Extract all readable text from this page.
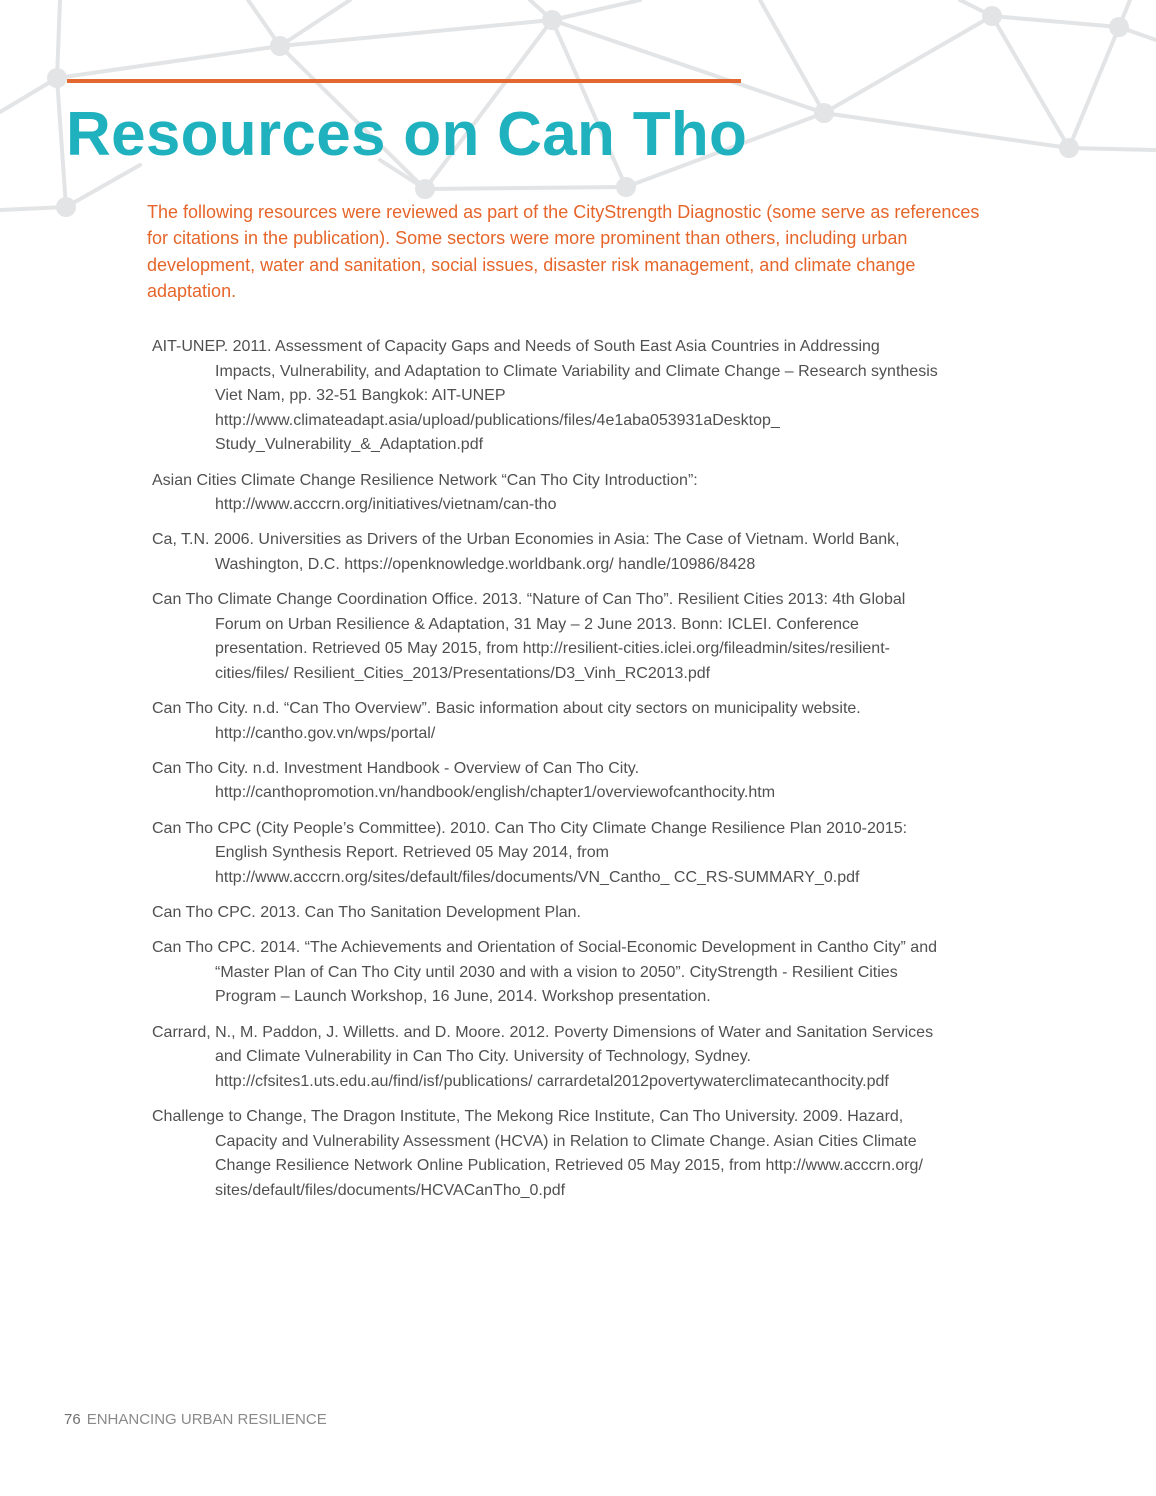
Resources on Can Tho

The following resources were reviewed as part of the CityStrength Diagnostic (some serve as references for citations in the publication). Some sectors were more prominent than others, including urban development, water and sanitation, social issues, disaster risk management, and climate change adaptation.

AIT-UNEP. 2011. Assessment of Capacity Gaps and Needs of South East Asia Countries in Addressing Impacts, Vulnerability, and Adaptation to Climate Variability and Climate Change – Research synthesis Viet Nam, pp. 32-51 Bangkok: AIT-UNEP http://www.climateadapt.asia/upload/publications/files/4e1aba053931aDesktop_ Study_Vulnerability_&_Adaptation.pdf
Asian Cities Climate Change Resilience Network “Can Tho City Introduction”: http://www.acccrn.org/initiatives/vietnam/can-tho
Ca, T.N. 2006. Universities as Drivers of the Urban Economies in Asia: The Case of Vietnam. World Bank, Washington, D.C. https://openknowledge.worldbank.org/ handle/10986/8428
Can Tho Climate Change Coordination Office. 2013. “Nature of Can Tho”. Resilient Cities 2013: 4th Global Forum on Urban Resilience & Adaptation, 31 May – 2 June 2013. Bonn: ICLEI. Conference presentation. Retrieved 05 May 2015, from http://resilient-cities.iclei.org/fileadmin/sites/resilient-cities/files/ Resilient_Cities_2013/Presentations/D3_Vinh_RC2013.pdf
Can Tho City. n.d. “Can Tho Overview”. Basic information about city sectors on municipality website. http://cantho.gov.vn/wps/portal/
Can Tho City. n.d. Investment Handbook - Overview of Can Tho City. http://canthopromotion.vn/handbook/english/chapter1/overviewofcanthocity.htm
Can Tho CPC (City People’s Committee). 2010. Can Tho City Climate Change Resilience Plan 2010-2015: English Synthesis Report. Retrieved 05 May 2014, from http://www.acccrn.org/sites/default/files/documents/VN_Cantho_ CC_RS-SUMMARY_0.pdf
Can Tho CPC. 2013. Can Tho Sanitation Development Plan.
Can Tho CPC. 2014. “The Achievements and Orientation of Social-Economic Development in Cantho City” and “Master Plan of Can Tho City until 2030 and with a vision to 2050”. CityStrength - Resilient Cities Program – Launch Workshop, 16 June, 2014. Workshop presentation.
Carrard, N., M. Paddon, J. Willetts. and D. Moore. 2012. Poverty Dimensions of Water and Sanitation Services and Climate Vulnerability in Can Tho City. University of Technology, Sydney. http://cfsites1.uts.edu.au/find/isf/publications/ carrardetal2012povertywaterclimatecanthocity.pdf
Challenge to Change, The Dragon Institute, The Mekong Rice Institute, Can Tho University. 2009. Hazard, Capacity and Vulnerability Assessment (HCVA) in Relation to Climate Change. Asian Cities Climate Change Resilience Network Online Publication, Retrieved 05 May 2015, from http://www.acccrn.org/ sites/default/files/documents/HCVACanTho_0.pdf
76 ENHANCING URBAN RESILIENCE
